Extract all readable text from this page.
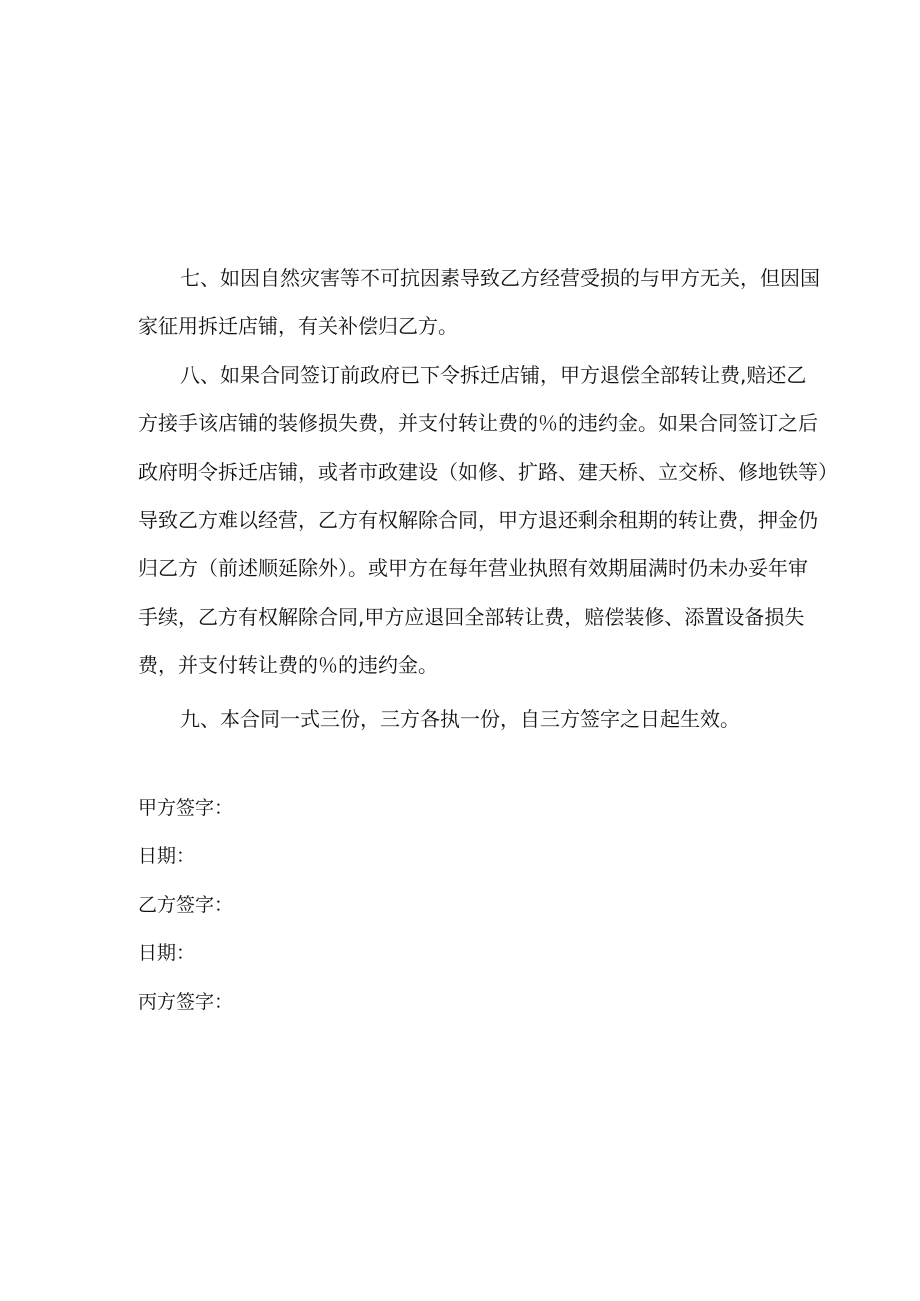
七、如因自然灾害等不可抗因素导致乙方经营受损的与甲方无关，但因国
家征用拆迁店铺，有关补偿归乙方。

八、如果合同签订前政府已下令拆迁店铺，甲方退偿全部转让费,赔还乙
方接手该店铺的装修损失费，并支付转让费的％的违约金。如果合同签订之后
政府明令拆迁店铺，或者市政建设（如修、扩路、建天桥、立交桥、修地铁等）
导致乙方难以经营，乙方有权解除合同，甲方退还剩余租期的转让费，押金仍
归乙方（前述顺延除外）。或甲方在每年营业执照有效期届满时仍未办妥年审
手续，乙方有权解除合同,甲方应退回全部转让费，赔偿装修、添置设备损失
费，并支付转让费的％的违约金。

九、本合同一式三份，三方各执一份，自三方签字之日起生效。

甲方签字：
日期：
乙方签字：
日期：
丙方签字：
